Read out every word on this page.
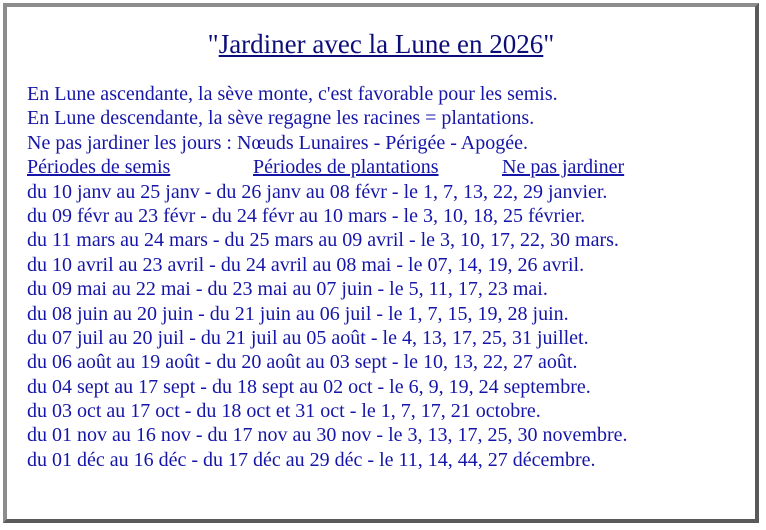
"Jardiner avec la Lune en 2026"
En Lune ascendante, la sève monte, c'est favorable pour les semis.
En Lune descendante, la sève regagne les racines = plantations.
Ne pas jardiner les jours : Nœuds Lunaires - Périgée - Apogée.
Périodes de semis	Périodes de plantations	Ne pas jardiner
du 10 janv au 25 janv - du 26 janv au 08 févr - le 1, 7, 13, 22, 29 janvier.
du 09 févr au 23 févr - du 24 févr au 10 mars - le 3, 10, 18, 25 février.
du 11 mars au 24 mars - du 25 mars au 09 avril - le 3, 10, 17, 22, 30 mars.
du 10 avril au 23 avril - du 24 avril au 08 mai - le 07, 14, 19, 26 avril.
du 09 mai au 22 mai - du 23 mai au 07 juin - le 5, 11, 17, 23 mai.
du 08 juin au 20 juin - du 21 juin au 06 juil - le 1, 7, 15, 19, 28 juin.
du 07 juil au 20 juil - du 21 juil au 05 août - le 4, 13, 17, 25, 31 juillet.
du 06 août au 19 août - du 20 août au 03 sept - le 10, 13, 22, 27 août.
du 04 sept au 17 sept - du 18 sept au 02 oct - le 6, 9, 19, 24 septembre.
du 03 oct au 17 oct - du 18 oct et 31 oct - le 1, 7, 17, 21 octobre.
du 01 nov au 16 nov - du 17 nov au 30 nov - le 3, 13, 17, 25, 30 novembre.
du 01 déc au 16 déc - du 17 déc au 29 déc - le 11, 14, 44, 27 décembre.
